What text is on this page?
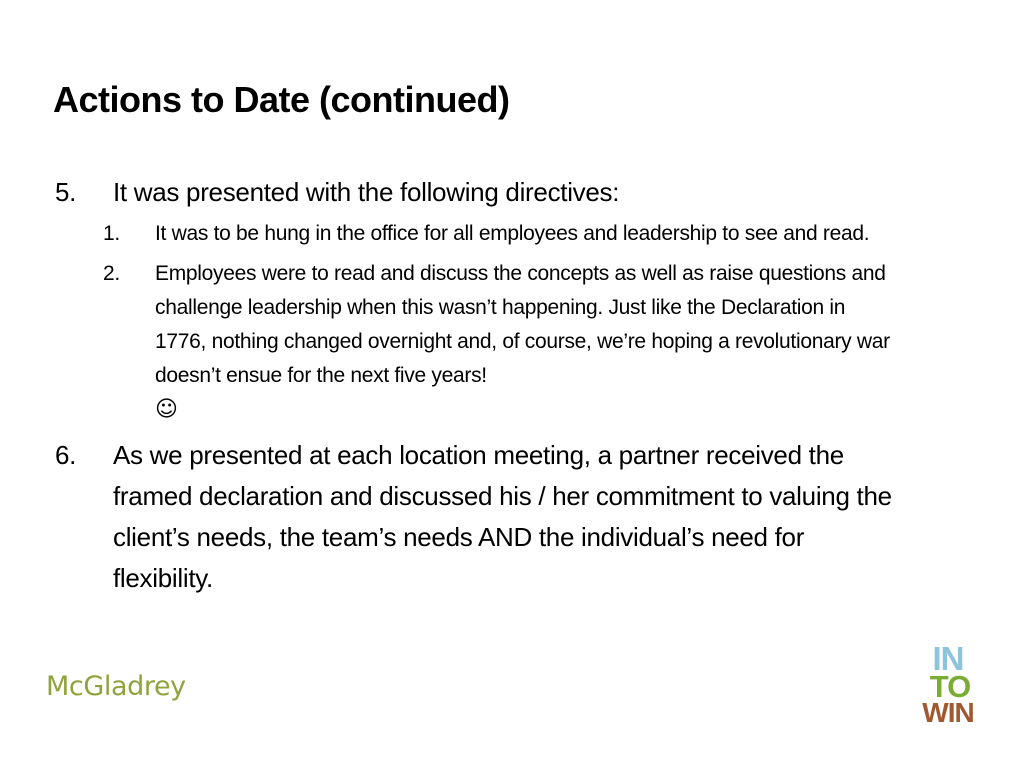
Actions to Date (continued)
5. It was presented with the following directives:
1. It was to be hung in the office for all employees and leadership to see and read.
2. Employees were to read and discuss the concepts as well as raise questions and challenge leadership when this wasn’t happening. Just like the Declaration in 1776, nothing changed overnight and, of course, we’re hoping a revolutionary war doesn’t ensue for the next five years!
☺
6. As we presented at each location meeting, a partner received the framed declaration and discussed his / her commitment to valuing the client’s needs, the team’s needs AND the individual’s need for flexibility.
McGladrey
IN
TO
WIN
